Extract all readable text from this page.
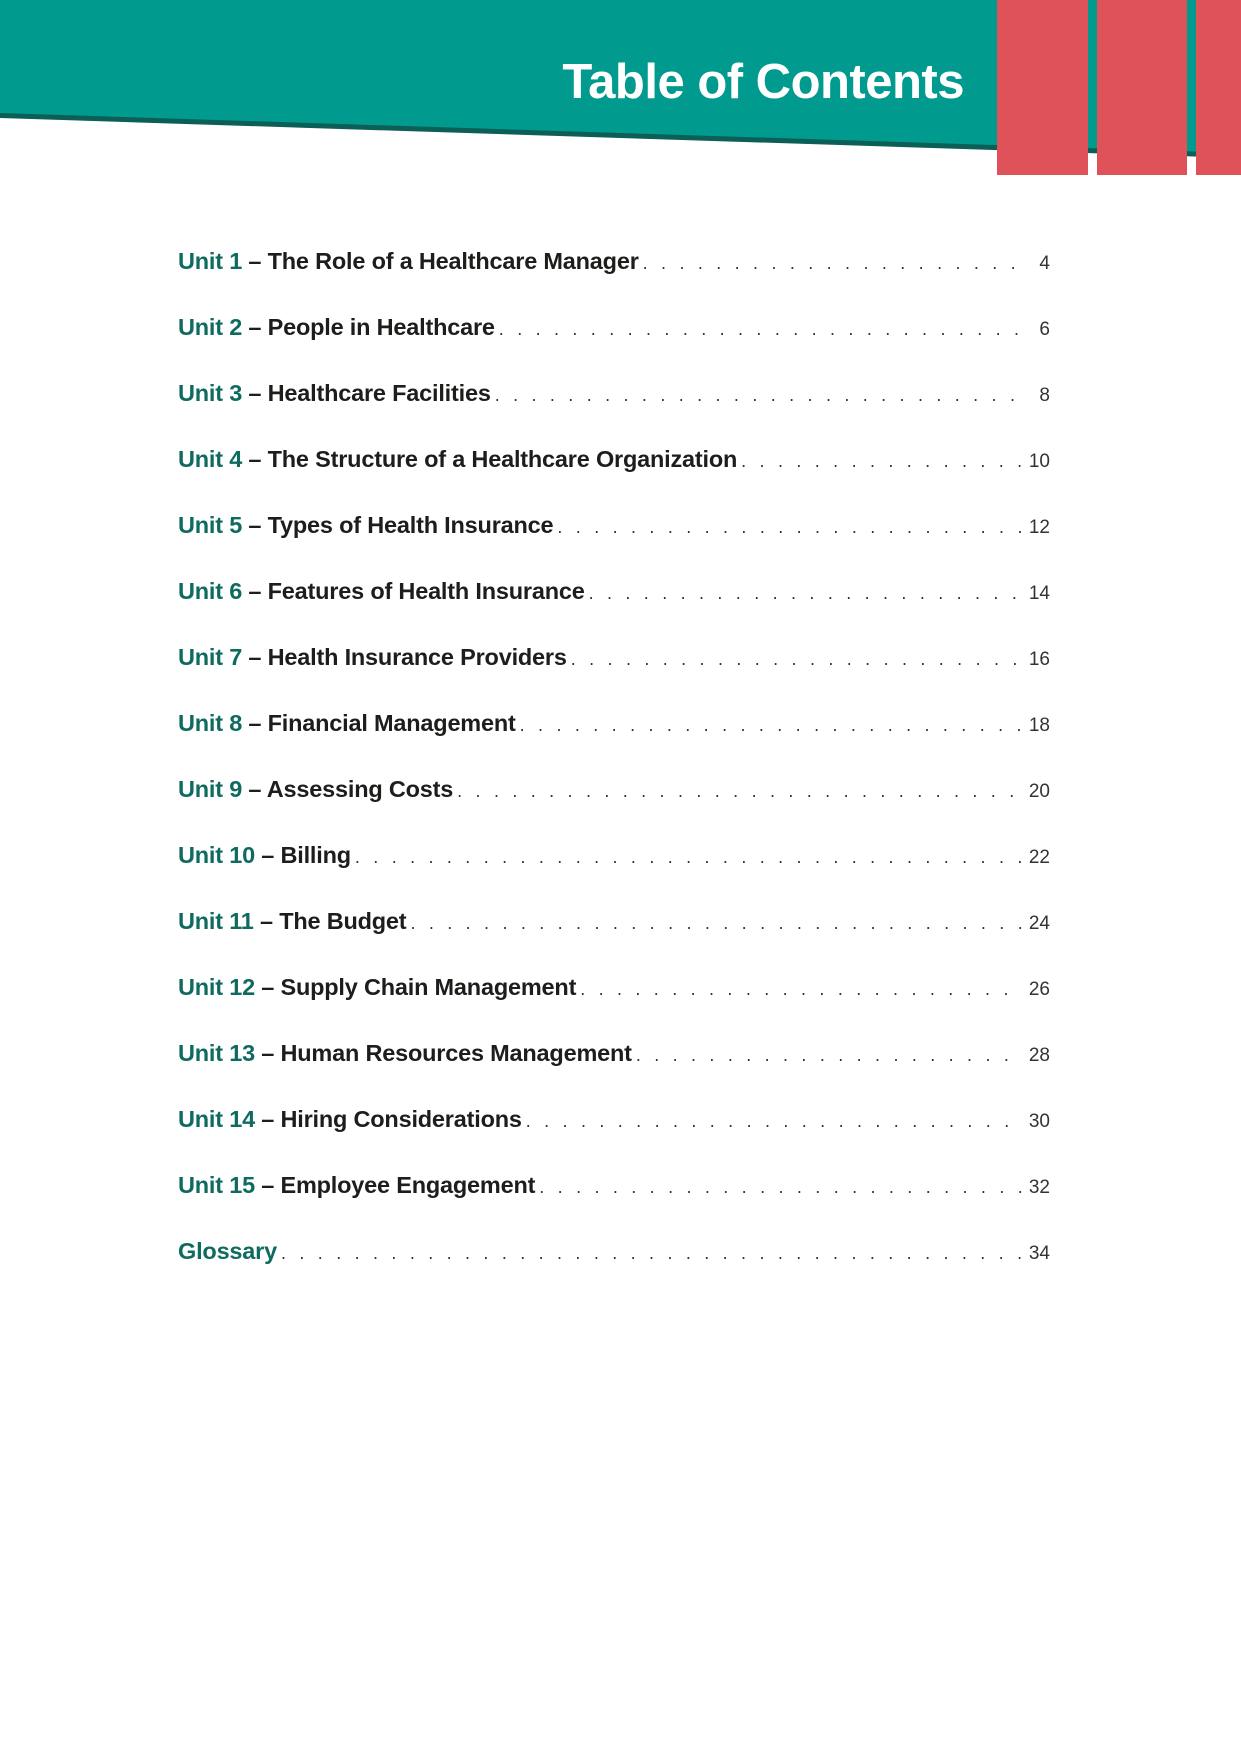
Table of Contents
Unit 1 – The Role of a Healthcare Manager . . .	4
Unit 2 – People in Healthcare . . .	6
Unit 3 – Healthcare Facilities . . .	8
Unit 4 – The Structure of a Healthcare Organization . . .	10
Unit 5 – Types of Health Insurance . . .	12
Unit 6 – Features of Health Insurance . . .	14
Unit 7 – Health Insurance Providers . . .	16
Unit 8 – Financial Management . . .	18
Unit 9 – Assessing Costs . . .	20
Unit 10 – Billing . . .	22
Unit 11 – The Budget . . .	24
Unit 12 – Supply Chain Management . . .	26
Unit 13 – Human Resources Management . . .	28
Unit 14 – Hiring Considerations . . .	30
Unit 15 – Employee Engagement . . .	32
Glossary . . .	34
